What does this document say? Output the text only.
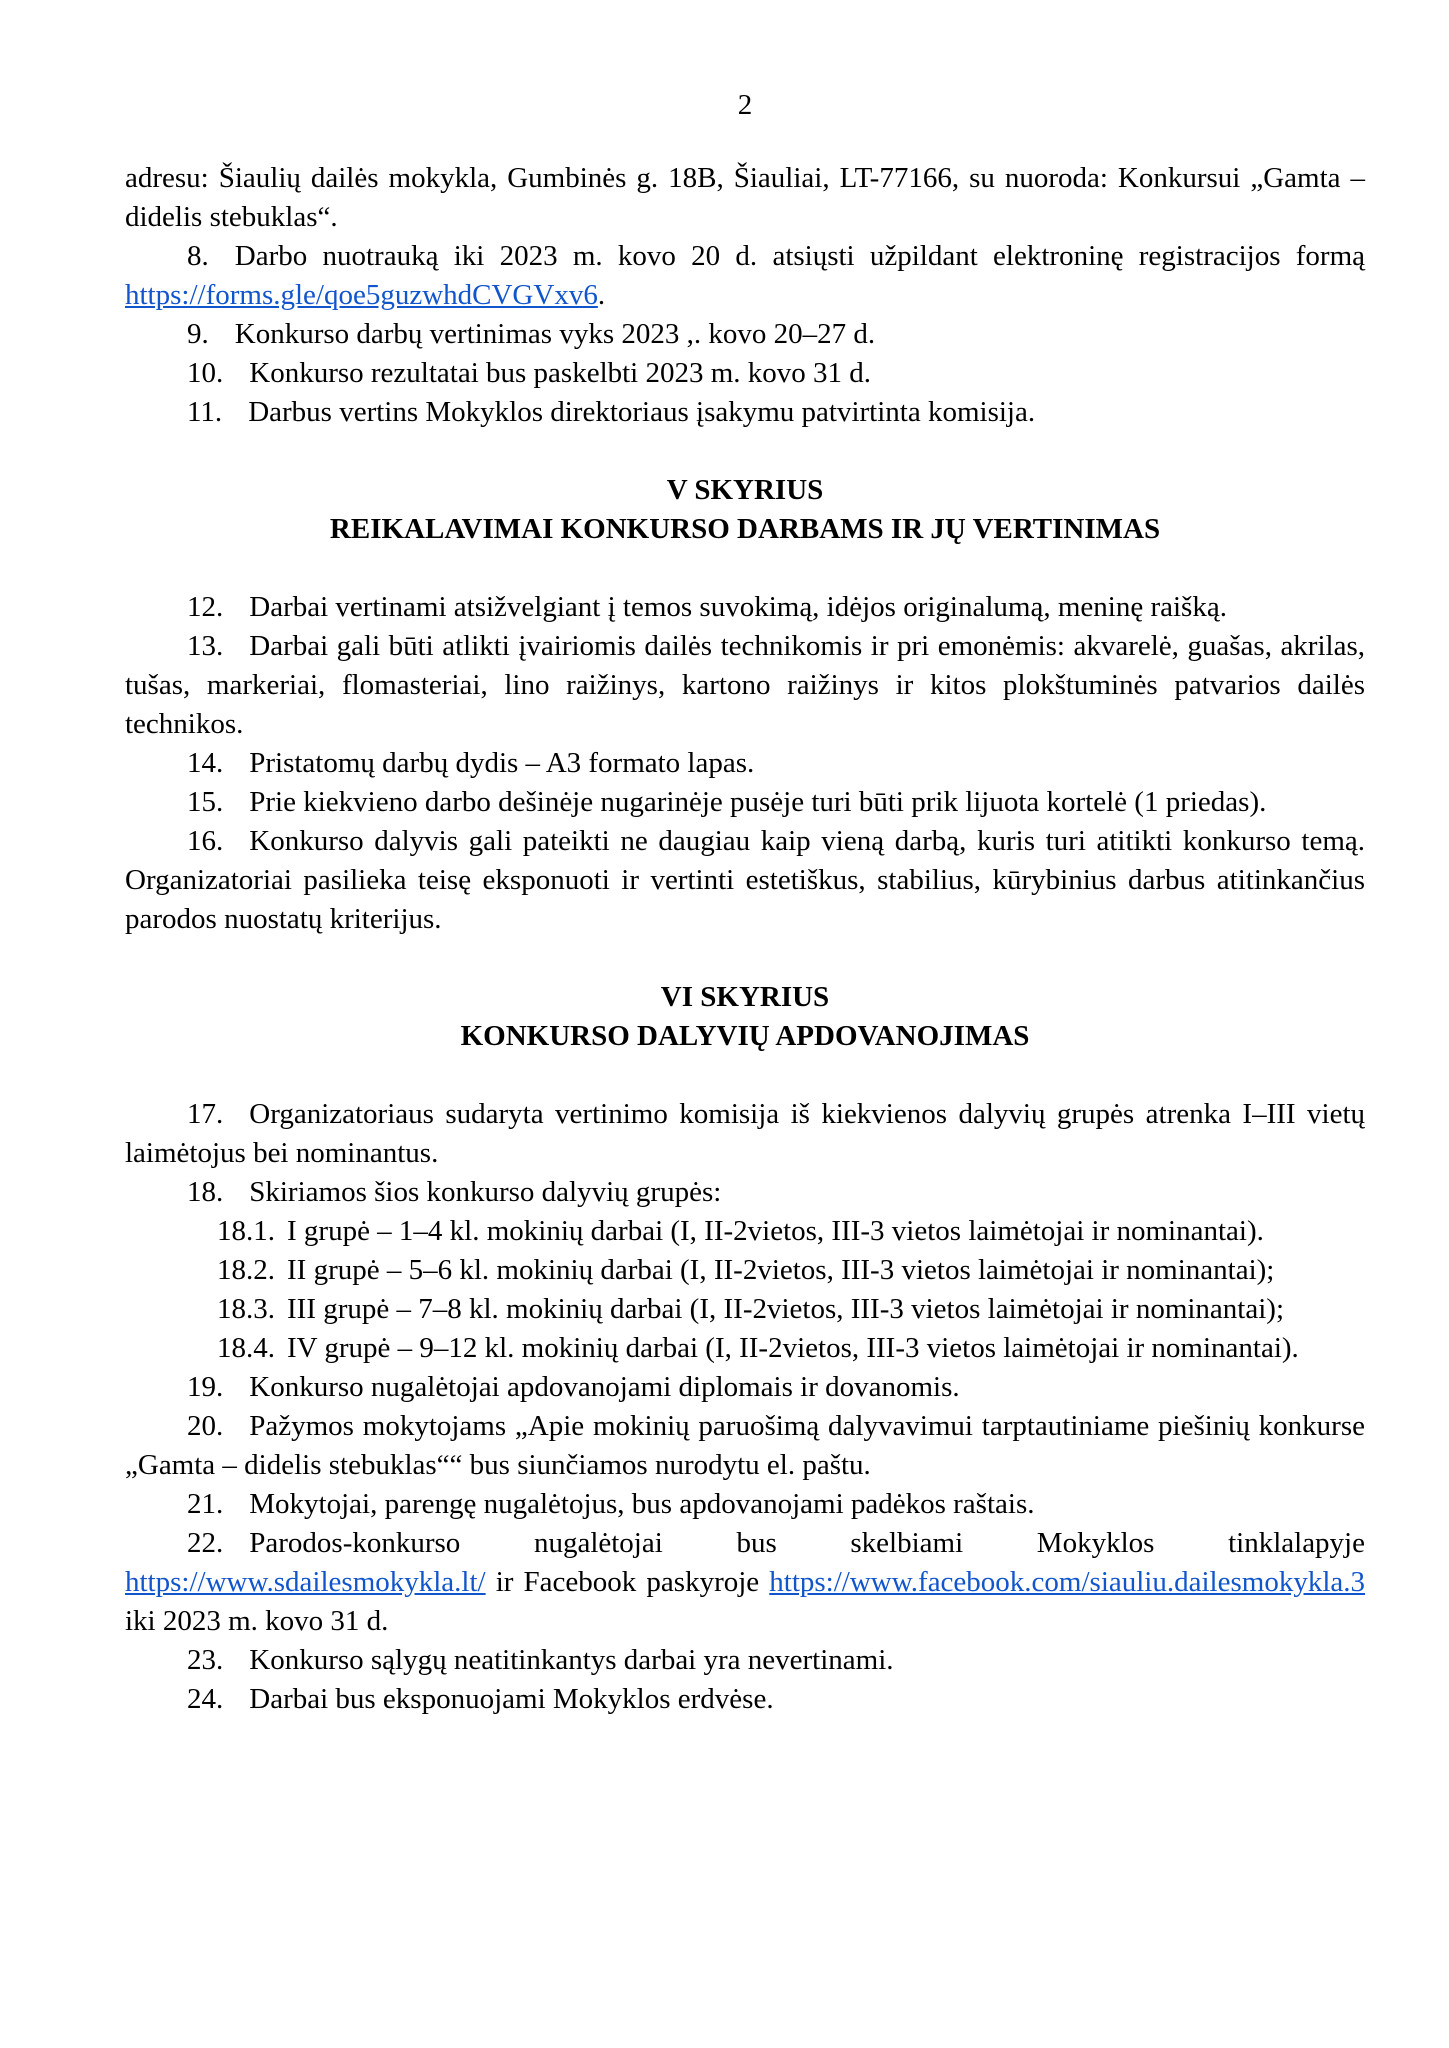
2

adresu: Šiaulių dailės mokykla, Gumbinės g. 18B, Šiauliai, LT-77166, su nuoroda: Konkursui „Gamta – didelis stebuklas“.

8. Darbo nuotrauką iki 2023 m. kovo 20 d. atsiųsti užpildant elektroninę registracijos formą https://forms.gle/qoe5guzwhdCVGVxv6.

9. Konkurso darbų vertinimas vyks 2023 ,. kovo 20–27 d.

10. Konkurso rezultatai bus paskelbti 2023 m. kovo 31 d.

11. Darbus vertins Mokyklos direktoriaus įsakymu patvirtinta komisija.

V SKYRIUS

REIKALAVIMAI KONKURSO DARBAMS IR JŲ VERTINIMAS

12. Darbai vertinami atsižvelgiant į temos suvokimą, idėjos originalumą, meninę raišką.

13. Darbai gali būti atlikti įvairiomis dailės technikomis ir pri emonėmis: akvarelė, guašas, akrilas, tušas, markeriai, flomasteriai, lino raižinys, kartono raižinys ir kitos plokštuminės patvarios dailės technikos.

14. Pristatomų darbų dydis – A3 formato lapas.

15. Prie kiekvieno darbo dešinėje nugarinėje pusėje turi būti prik lijuota kortelė (1 priedas).

16. Konkurso dalyvis gali pateikti ne daugiau kaip vieną darbą, kuris turi atitikti konkurso temą. Organizatoriai pasilieka teisę eksponuoti ir vertinti estetiškus, stabilius, kūrybinius darbus atitinkančius parodos nuostatų kriterijus.

VI SKYRIUS

KONKURSO DALYVIŲ APDOVANOJIMAS

17. Organizatoriaus sudaryta vertinimo komisija iš kiekvienos dalyvių grupės atrenka I–III vietų laimėtojus bei nominantus.

18. Skiriamos šios konkurso dalyvių grupės:

18.1. I grupė – 1–4 kl. mokinių darbai (I, II-2vietos, III-3 vietos laimėtojai ir nominantai).

18.2. II grupė – 5–6 kl. mokinių darbai (I, II-2vietos, III-3 vietos laimėtojai ir nominantai);

18.3. III grupė – 7–8 kl. mokinių darbai (I, II-2vietos, III-3 vietos laimėtojai ir nominantai);

18.4. IV grupė – 9–12 kl. mokinių darbai (I, II-2vietos, III-3 vietos laimėtojai ir nominantai).

19. Konkurso nugalėtojai apdovanojami diplomais ir dovanomis.

20. Pažymos mokytojams „Apie mokinių paruošimą dalyvavimui tarptautiniame piešinių konkurse „Gamta – didelis stebuklas““ bus siunčiamos nurodytu el. paštu.

21. Mokytojai, parengę nugalėtojus, bus apdovanojami padėkos raštais.

22. Parodos-konkurso nugalėtojai bus skelbiami Mokyklos tinklalapyje https://www.sdailesmokykla.lt/ ir Facebook paskyroje https://www.facebook.com/siauliu.dailesmokykla.3 iki 2023 m. kovo 31 d.

23. Konkurso sąlygų neatitinkantys darbai yra nevertinami.

24. Darbai bus eksponuojami Mokyklos erdvėse.
